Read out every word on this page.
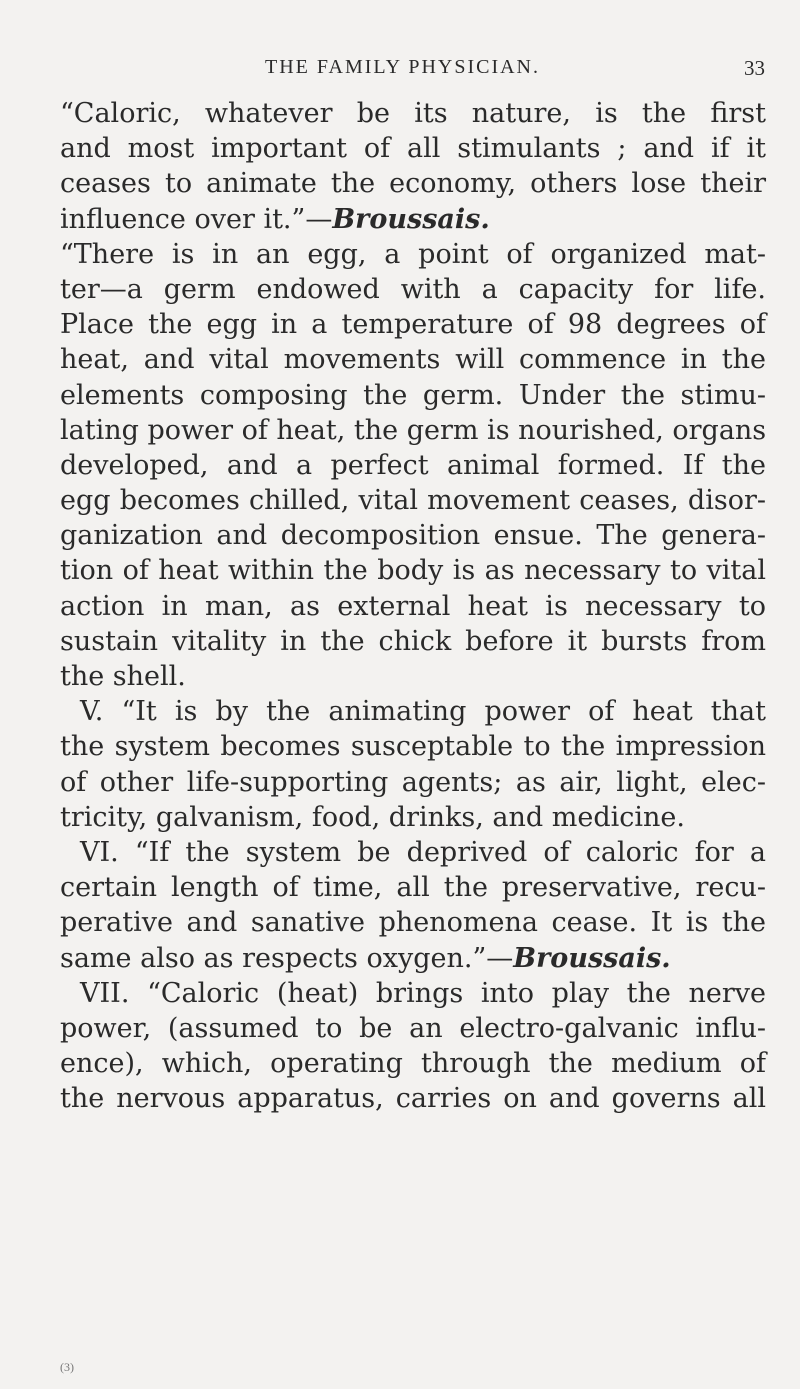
THE FAMILY PHYSICIAN.	33
“Caloric, whatever be its nature, is the first
and most important of all stimulants ; and if it
ceases to animate the economy, others lose their
influence over it.”—Broussais.
“There is in an egg, a point of organized mat-
ter—a germ endowed with a capacity for life.
Place the egg in a temperature of 98 degrees of
heat, and vital movements will commence in the
elements composing the germ. Under the stimu-
lating power of heat, the germ is nourished, organs
developed, and a perfect animal formed. If the
egg becomes chilled, vital movement ceases, disor-
ganization and decomposition ensue. The genera-
tion of heat within the body is as necessary to vital
action in man, as external heat is necessary to
sustain vitality in the chick before it bursts from
the shell.
V. “It is by the animating power of heat that
the system becomes susceptable to the impression
of other life-supporting agents; as air, light, elec-
tricity, galvanism, food, drinks, and medicine.
VI. “If the system be deprived of caloric for a
certain length of time, all the preservative, recu-
perative and sanative phenomena cease. It is the
same also as respects oxygen.”—Broussais.
VII. “Caloric (heat) brings into play the nerve
power, (assumed to be an electro-galvanic influ-
ence), which, operating through the medium of
the nervous apparatus, carries on and governs all
(3)
